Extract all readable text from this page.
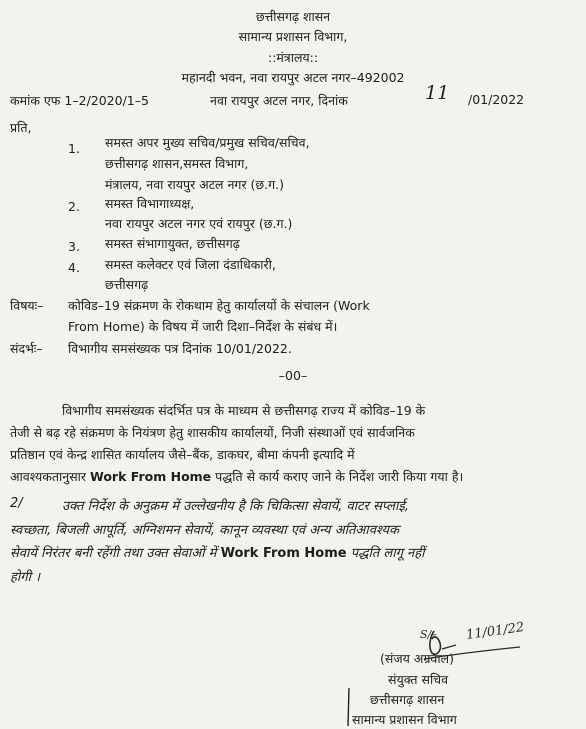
छत्तीसगढ़ शासन
सामान्य प्रशासन विभाग,
::मंत्रालय::
महानदी भवन, नवा रायपुर अटल नगर–492002
कमांक एफ 1–2/2020/1–5	नवा रायपुर अटल नगर, दिनांक	11 /01/2022
प्रति,
1. समस्त अपर मुख्य सचिव/प्रमुख सचिव/सचिव,
छत्तीसगढ़ शासन,समस्त विभाग,
मंत्रालय, नवा रायपुर अटल नगर (छ.ग.)
2. समस्त विभागाध्यक्ष,
नवा रायपुर अटल नगर एवं रायपुर (छ.ग.)
3. समस्त संभागायुक्त, छत्तीसगढ़
4. समस्त कलेक्टर एवं जिला दंडाधिकारी,
छत्तीसगढ़
विषयः– कोविड–19 संक्रमण के रोकथाम हेतु कार्यालयों के संचालन (Work
From Home) के विषय में जारी दिशा–निर्देश के संबंध में।
संदर्भः– विभागीय समसंख्यक पत्र दिनांक 10/01/2022.
–00–
विभागीय समसंख्यक संदर्भित पत्र के माध्यम से छत्तीसगढ़ राज्य में कोविड–19 के
तेजी से बढ़ रहे संक्रमण के नियंत्रण हेतु शासकीय कार्यालयों, निजी संस्थाओं एवं सार्वजनिक
प्रतिष्ठान एवं केन्द्र शासित कार्यालय जैसे–बैंक, डाकघर, बीमा कंपनी इत्यादि में
आवश्यकतानुसार Work From Home पद्धति से कार्य कराए जाने के निर्देश जारी किया गया है।
2/	उक्त निर्देश के अनुक्रम में उल्लेखनीय है कि चिकित्सा सेवायें, वाटर सप्लाई,
स्वच्छता, बिजली आपूर्ति, अग्निशमन सेवायें, कानून व्यवस्था एवं अन्य अतिआवश्यक
सेवायें निरंतर बनी रहेंगी तथा उक्त सेवाओं में Work From Home पद्धति लागू नहीं
होगी ।
S/– 11/01/22
(संजय अग्रवाल)
संयुक्त सचिव
छत्तीसगढ़ शासन
सामान्य प्रशासन विभाग
